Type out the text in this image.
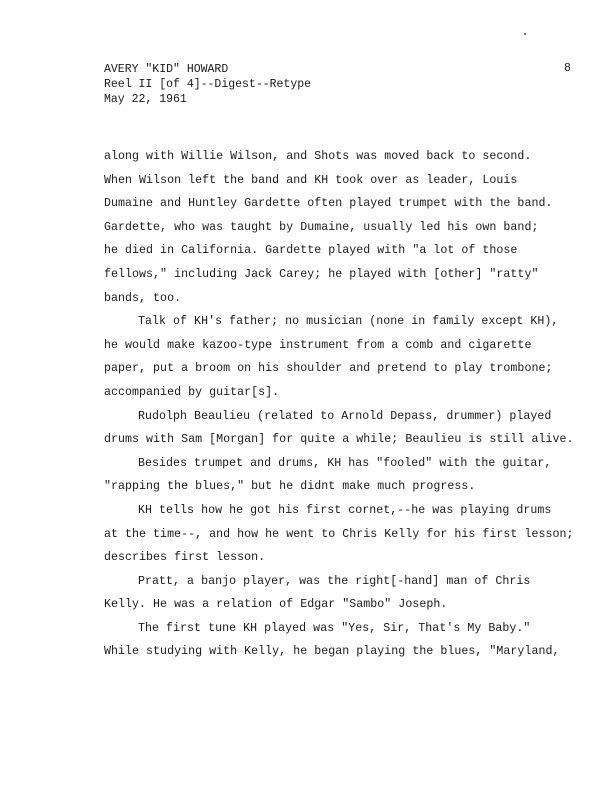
AVERY "KID" HOWARD
Reel II [of 4]--Digest--Retype
May 22, 1961
8
along with Willie Wilson, and Shots was moved back to second.
When Wilson left the band and KH took over as leader, Louis
Dumaine and Huntley Gardette often played trumpet with the band.
Gardette, who was taught by Dumaine, usually led his own band;
he died in California. Gardette played with "a lot of those
fellows," including Jack Carey; he played with [other] "ratty"
bands, too.
Talk of KH's father; no musician (none in family except KH),
he would make kazoo-type instrument from a comb and cigarette
paper, put a broom on his shoulder and pretend to play trombone;
accompanied by guitar[s].
Rudolph Beaulieu (related to Arnold Depass, drummer) played
drums with Sam [Morgan] for quite a while; Beaulieu is still alive.
Besides trumpet and drums, KH has "fooled" with the guitar,
"rapping the blues," but he didnt make much progress.
KH tells how he got his first cornet,--he was playing drums
at the time--, and how he went to Chris Kelly for his first lesson;
describes first lesson.
Pratt, a banjo player, was the right[-hand] man of Chris
Kelly. He was a relation of Edgar "Sambo" Joseph.
The first tune KH played was "Yes, Sir, That's My Baby."
While studying with Kelly, he began playing the blues, "Maryland,
